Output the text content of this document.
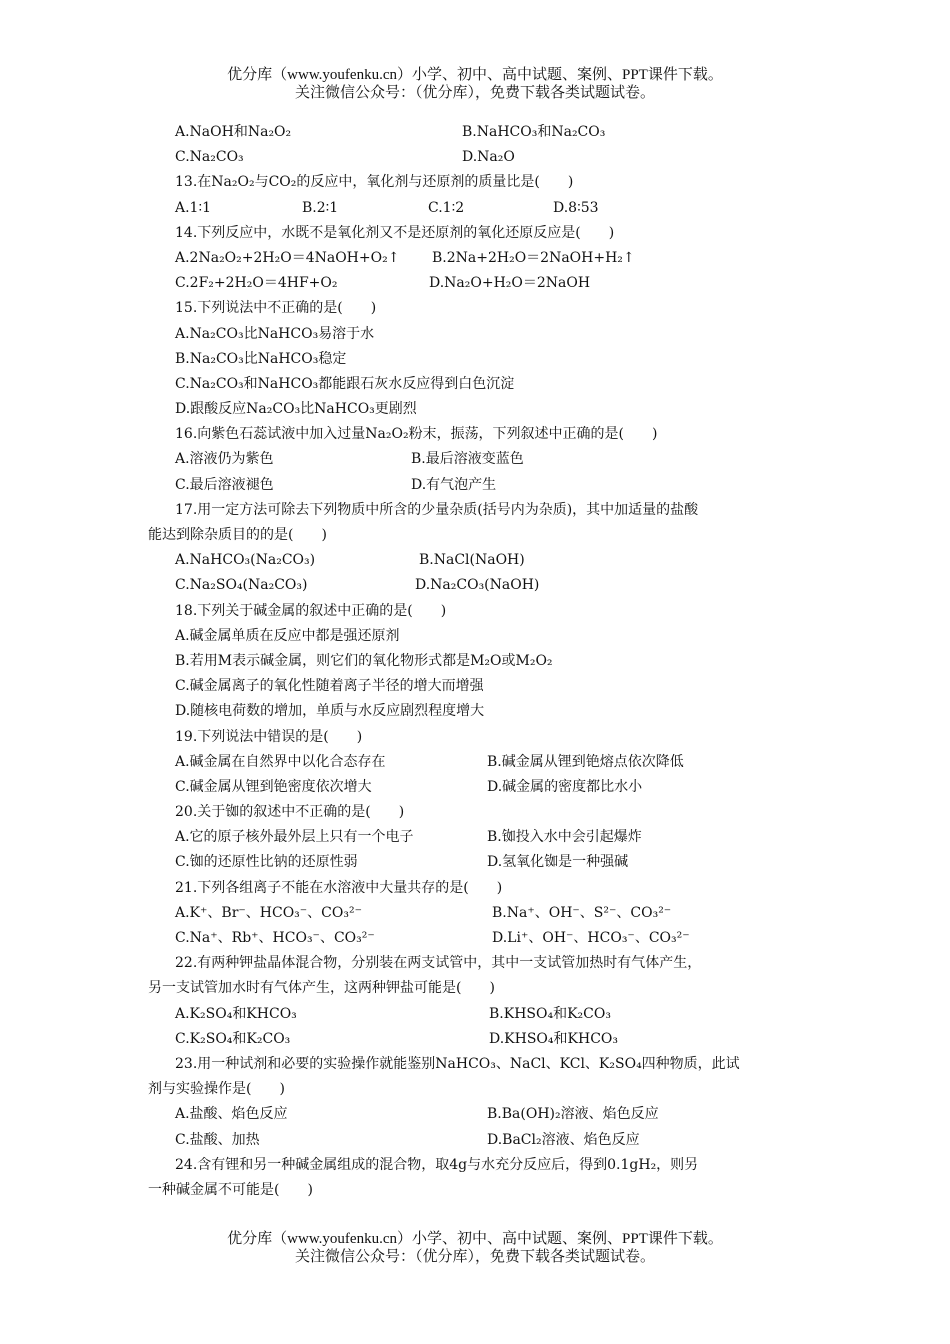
优分库（www.youfenku.cn）小学、初中、高中试题、案例、PPT课件下载。
关注微信公众号：（优分库），免费下载各类试题试卷。
A.NaOH和Na₂O₂	B.NaHCO₃和Na₂CO₃
C.Na₂CO₃	D.Na₂O
13.在Na₂O₂与CO₂的反应中，氧化剂与还原剂的质量比是(　　)
A.1∶1	B.2∶1	C.1∶2	D.8∶53
14.下列反应中，水既不是氧化剂又不是还原剂的氧化还原反应是(　　)
A.2Na₂O₂+2H₂O＝4NaOH+O₂↑ B.2Na+2H₂O＝2NaOH+H₂↑
C.2F₂+2H₂O＝4HF+O₂	D.Na₂O+H₂O＝2NaOH
15.下列说法中不正确的是(　　)
A.Na₂CO₃比NaHCO₃易溶于水
B.Na₂CO₃比NaHCO₃稳定
C.Na₂CO₃和NaHCO₃都能跟石灰水反应得到白色沉淀
D.跟酸反应Na₂CO₃比NaHCO₃更剧烈
16.向紫色石蕊试液中加入过量Na₂O₂粉末，振荡，下列叙述中正确的是(　　)
A.溶液仍为紫色	B.最后溶液变蓝色
C.最后溶液褪色	D.有气泡产生
17.用一定方法可除去下列物质中所含的少量杂质(括号内为杂质)，其中加适量的盐酸
能达到除杂质目的的是(　　)
A.NaHCO₃(Na₂CO₃)	B.NaCl(NaOH)
C.Na₂SO₄(Na₂CO₃)	D.Na₂CO₃(NaOH)
18.下列关于碱金属的叙述中正确的是(　　)
A.碱金属单质在反应中都是强还原剂
B.若用M表示碱金属，则它们的氧化物形式都是M₂O或M₂O₂
C.碱金属离子的氧化性随着离子半径的增大而增强
D.随核电荷数的增加，单质与水反应剧烈程度增大
19.下列说法中错误的是(　　)
A.碱金属在自然界中以化合态存在	B.碱金属从锂到铯熔点依次降低
C.碱金属从锂到铯密度依次增大	D.碱金属的密度都比水小
20.关于铷的叙述中不正确的是(　　)
A.它的原子核外最外层上只有一个电子	B.铷投入水中会引起爆炸
C.铷的还原性比钠的还原性弱	D.氢氧化铷是一种强碱
21.下列各组离子不能在水溶液中大量共存的是(　　)
A.K⁺、Br⁻、HCO₃⁻、CO₃²⁻	B.Na⁺、OH⁻、S²⁻、CO₃²⁻
C.Na⁺、Rb⁺、HCO₃⁻、CO₃²⁻	D.Li⁺、OH⁻、HCO₃⁻、CO₃²⁻
22.有两种钾盐晶体混合物，分别装在两支试管中，其中一支试管加热时有气体产生，
另一支试管加水时有气体产生，这两种钾盐可能是(　　)
A.K₂SO₄和KHCO₃	B.KHSO₄和K₂CO₃
C.K₂SO₄和K₂CO₃	D.KHSO₄和KHCO₃
23.用一种试剂和必要的实验操作就能鉴别NaHCO₃、NaCl、KCl、K₂SO₄四种物质，此试
剂与实验操作是(　　)
A.盐酸、焰色反应	B.Ba(OH)₂溶液、焰色反应
C.盐酸、加热	D.BaCl₂溶液、焰色反应
24.含有锂和另一种碱金属组成的混合物，取4g与水充分反应后，得到0.1gH₂，则另
一种碱金属不可能是(　　)
优分库（www.youfenku.cn）小学、初中、高中试题、案例、PPT课件下载。
关注微信公众号：（优分库），免费下载各类试题试卷。
